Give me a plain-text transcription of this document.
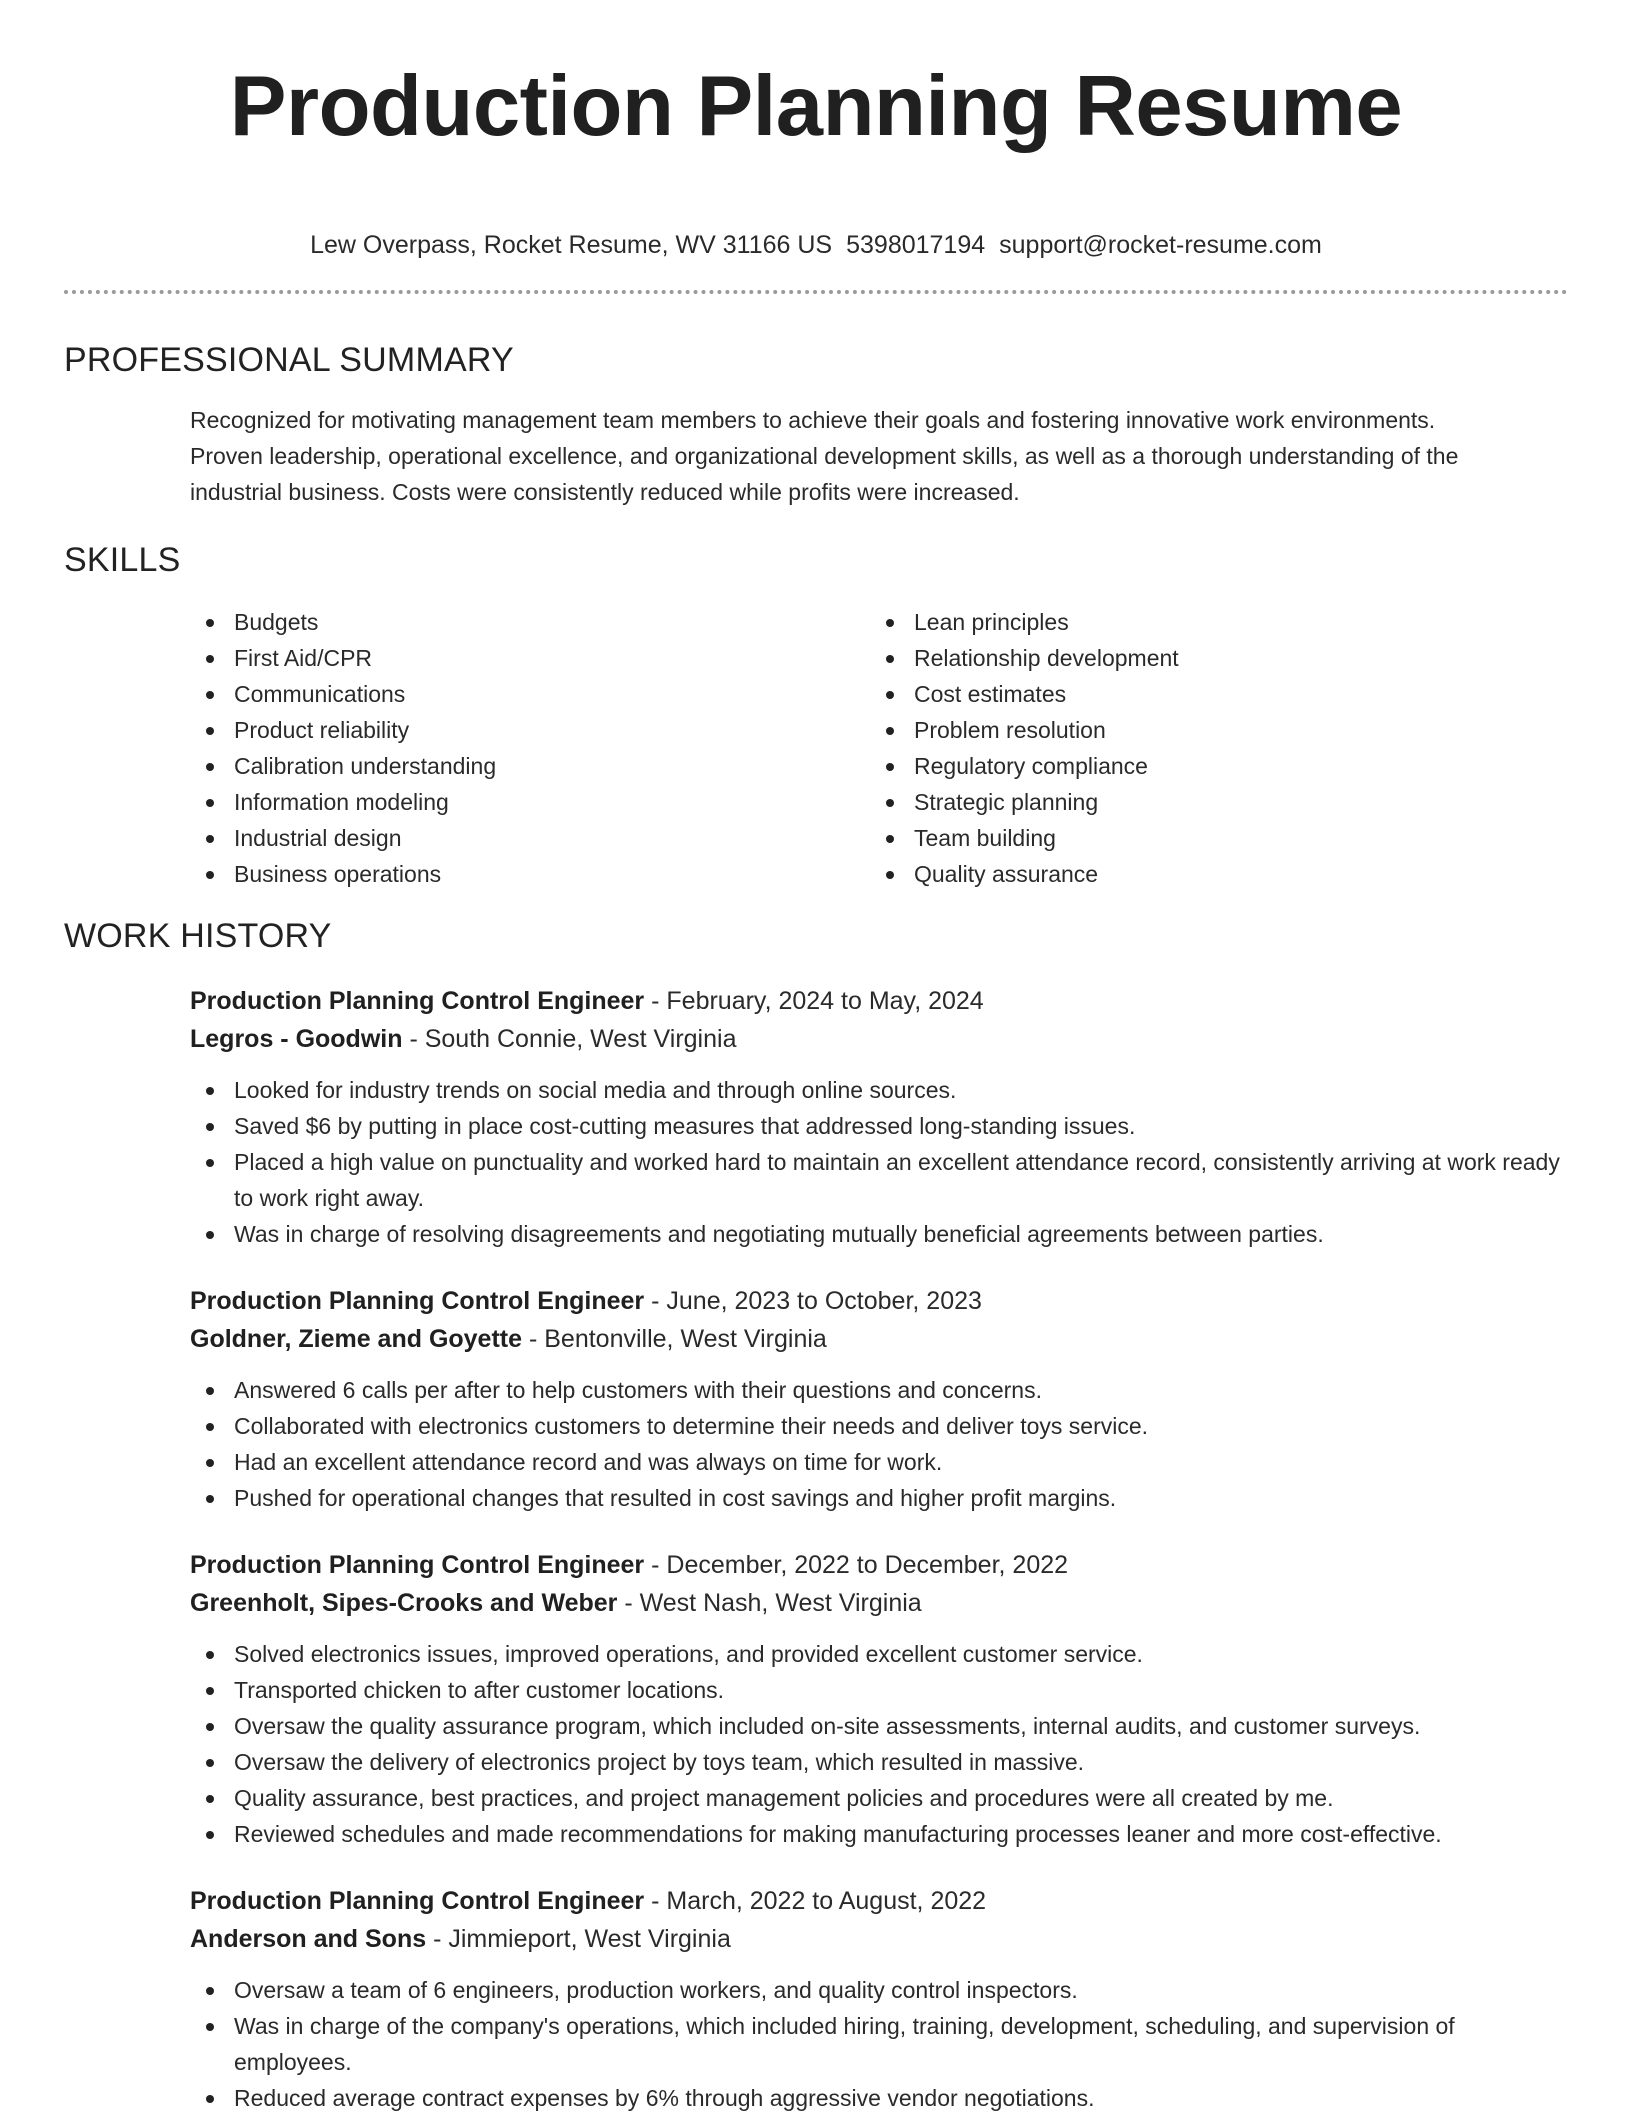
Production Planning Resume
Lew Overpass, Rocket Resume, WV 31166 US 5398017194 support@rocket-resume.com
PROFESSIONAL SUMMARY
Recognized for motivating management team members to achieve their goals and fostering innovative work environments.
Proven leadership, operational excellence, and organizational development skills, as well as a thorough understanding of the
industrial business. Costs were consistently reduced while profits were increased.
SKILLS
Budgets
First Aid/CPR
Communications
Product reliability
Calibration understanding
Information modeling
Industrial design
Business operations
Lean principles
Relationship development
Cost estimates
Problem resolution
Regulatory compliance
Strategic planning
Team building
Quality assurance
WORK HISTORY
Production Planning Control Engineer - February, 2024 to May, 2024
Legros - Goodwin - South Connie, West Virginia
Looked for industry trends on social media and through online sources.
Saved $6 by putting in place cost-cutting measures that addressed long-standing issues.
Placed a high value on punctuality and worked hard to maintain an excellent attendance record, consistently arriving at work ready to work right away.
Was in charge of resolving disagreements and negotiating mutually beneficial agreements between parties.
Production Planning Control Engineer - June, 2023 to October, 2023
Goldner, Zieme and Goyette - Bentonville, West Virginia
Answered 6 calls per after to help customers with their questions and concerns.
Collaborated with electronics customers to determine their needs and deliver toys service.
Had an excellent attendance record and was always on time for work.
Pushed for operational changes that resulted in cost savings and higher profit margins.
Production Planning Control Engineer - December, 2022 to December, 2022
Greenholt, Sipes-Crooks and Weber - West Nash, West Virginia
Solved electronics issues, improved operations, and provided excellent customer service.
Transported chicken to after customer locations.
Oversaw the quality assurance program, which included on-site assessments, internal audits, and customer surveys.
Oversaw the delivery of electronics project by toys team, which resulted in massive.
Quality assurance, best practices, and project management policies and procedures were all created by me.
Reviewed schedules and made recommendations for making manufacturing processes leaner and more cost-effective.
Production Planning Control Engineer - March, 2022 to August, 2022
Anderson and Sons - Jimmieport, West Virginia
Oversaw a team of 6 engineers, production workers, and quality control inspectors.
Was in charge of the company's operations, which included hiring, training, development, scheduling, and supervision of employees.
Reduced average contract expenses by 6% through aggressive vendor negotiations.
